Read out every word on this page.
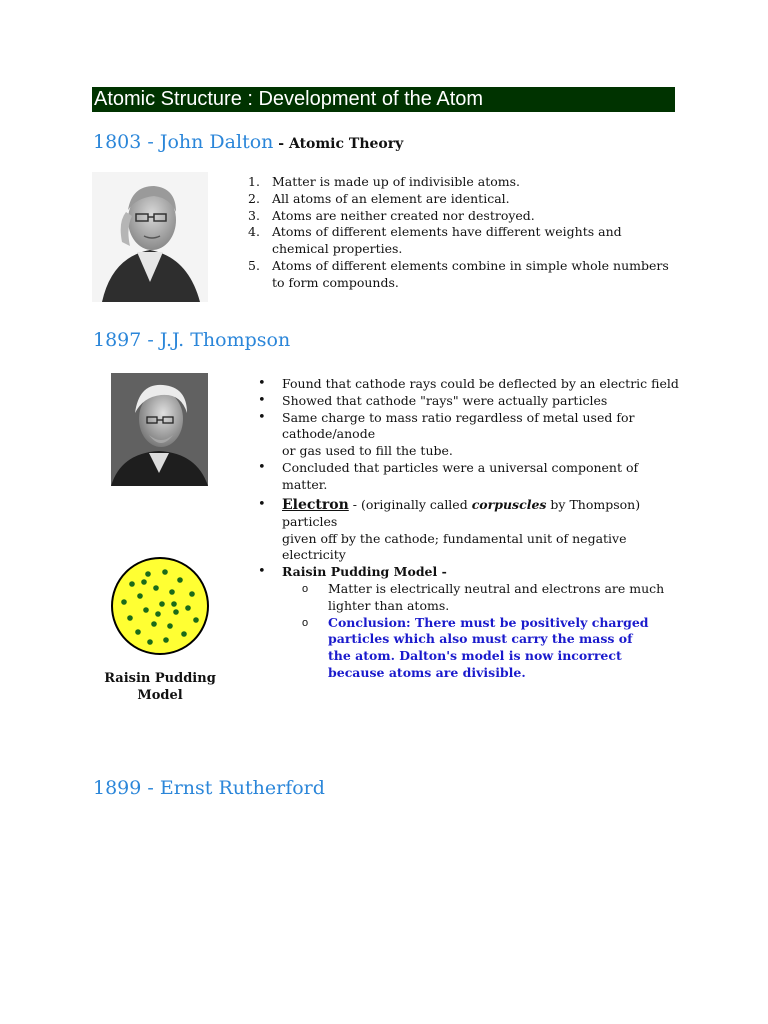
Atomic Structure : Development of the Atom
1803 - John Dalton - Atomic Theory
1. Matter is made up of indivisible atoms.
2. All atoms of an element are identical.
3. Atoms are neither created nor destroyed.
4. Atoms of different elements have different weights and chemical properties.
5. Atoms of different elements combine in simple whole numbers to form compounds.
1897 - J.J. Thompson
• Found that cathode rays could be deflected by an electric field
• Showed that cathode "rays" were actually particles
• Same charge to mass ratio regardless of metal used for cathode/anode
or gas used to fill the tube.
• Concluded that particles were a universal component of matter.
• Electron - (originally called corpuscles by Thompson) particles
given off by the cathode; fundamental unit of negative electricity
• Raisin Pudding Model -
o Matter is electrically neutral and electrons are much lighter than atoms.
o Conclusion: There must be positively charged particles which also must carry the mass of the atom. Dalton's model is now incorrect because atoms are divisible.
Raisin Pudding Model
1899 - Ernst Rutherford
